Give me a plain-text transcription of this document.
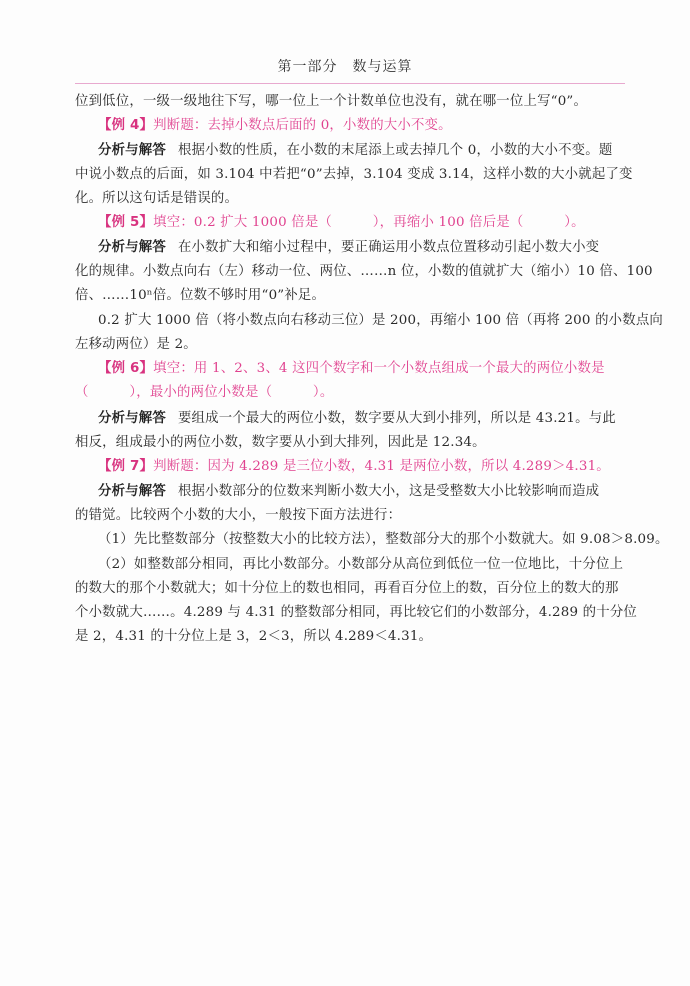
第一部分　数与运算
位到低位，一级一级地往下写，哪一位上一个计数单位也没有，就在哪一位上写“0”。
【例 4】判断题：去掉小数点后面的 0，小数的大小不变。
分析与解答 根据小数的性质，在小数的末尾添上或去掉几个 0，小数的大小不变。题
中说小数点的后面，如 3.104 中若把“0”去掉，3.104 变成 3.14，这样小数的大小就起了变
化。所以这句话是错误的。
【例 5】填空：0.2 扩大 1000 倍是（　　　），再缩小 100 倍后是（　　　）。
分析与解答 在小数扩大和缩小过程中，要正确运用小数点位置移动引起小数大小变
化的规律。小数点向右（左）移动一位、两位、……n 位，小数的值就扩大（缩小）10 倍、100
倍、……10ⁿ倍。位数不够时用“0”补足。
0.2 扩大 1000 倍（将小数点向右移动三位）是 200，再缩小 100 倍（再将 200 的小数点向
左移动两位）是 2。
【例 6】填空：用 1、2、3、4 这四个数字和一个小数点组成一个最大的两位小数是
（　　　），最小的两位小数是（　　　）。
分析与解答 要组成一个最大的两位小数，数字要从大到小排列，所以是 43.21。与此
相反，组成最小的两位小数，数字要从小到大排列，因此是 12.34。
【例 7】判断题：因为 4.289 是三位小数，4.31 是两位小数，所以 4.289＞4.31。
分析与解答 根据小数部分的位数来判断小数大小，这是受整数大小比较影响而造成
的错觉。比较两个小数的大小，一般按下面方法进行：
（1）先比整数部分（按整数大小的比较方法），整数部分大的那个小数就大。如 9.08＞8.09。
（2）如整数部分相同，再比小数部分。小数部分从高位到低位一位一位地比，十分位上
的数大的那个小数就大；如十分位上的数也相同，再看百分位上的数，百分位上的数大的那
个小数就大……。4.289 与 4.31 的整数部分相同，再比较它们的小数部分，4.289 的十分位
是 2，4.31 的十分位上是 3，2＜3，所以 4.289＜4.31。
